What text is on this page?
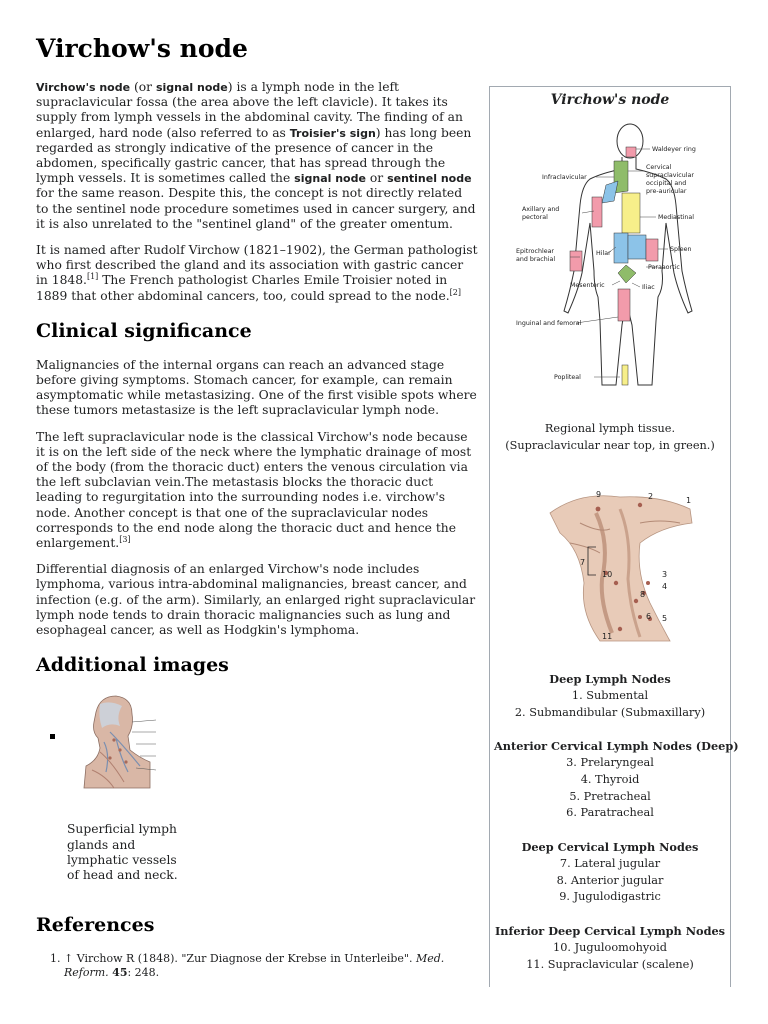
Virchow's node

Virchow's node (or signal node) is a lymph node in the left supraclavicular fossa (the area above the left clavicle). It takes its supply from lymph vessels in the abdominal cavity. The finding of an enlarged, hard node (also referred to as Troisier's sign) has long been regarded as strongly indicative of the presence of cancer in the abdomen, specifically gastric cancer, that has spread through the lymph vessels. It is sometimes called the signal node or sentinel node for the same reason. Despite this, the concept is not directly related to the sentinel node procedure sometimes used in cancer surgery, and it is also unrelated to the "sentinel gland" of the greater omentum.

It is named after Rudolf Virchow (1821–1902), the German pathologist who first described the gland and its association with gastric cancer in 1848.[1] The French pathologist Charles Emile Troisier noted in 1889 that other abdominal cancers, too, could spread to the node.[2]

Clinical significance

Malignancies of the internal organs can reach an advanced stage before giving symptoms. Stomach cancer, for example, can remain asymptomatic while metastasizing. One of the first visible spots where these tumors metastasize is the left supraclavicular lymph node.

The left supraclavicular node is the classical Virchow's node because it is on the left side of the neck where the lymphatic drainage of most of the body (from the thoracic duct) enters the venous circulation via the left subclavian vein.The metastasis blocks the thoracic duct leading to regurgitation into the surrounding nodes i.e. virchow's node. Another concept is that one of the supraclavicular nodes corresponds to the end node along the thoracic duct and hence the enlargement.[3]

Differential diagnosis of an enlarged Virchow's node includes lymphoma, various intra-abdominal malignancies, breast cancer, and infection (e.g. of the arm). Similarly, an enlarged right supraclavicular lymph node tends to drain thoracic malignancies such as lung and esophageal cancer, as well as Hodgkin's lymphoma.

Additional images
Superficial lymph glands and lymphatic vessels of head and neck.
References
1. ↑ Virchow R (1848). "Zur Diagnose der Krebse in Unterleibe". Med. Reform. 45: 248.
Virchow's node
Waldeyer ring
Cervical
supraclavicular
occipital and
pre-auricular
Infraclavicular
Axillary and
pectoral	Mediastinal
Epitrochlear
and brachial
Hilar
Spleen
Paraaortic
Mesenteric	Iliac
Inguinal and femoral
Popliteal
Regional lymph tissue. (Supraclavicular near top, in green.)
9	2	1
7
10	3
4
8
6 5
11
Deep Lymph Nodes
1. Submental
2. Submandibular (Submaxillary)
Anterior Cervical Lymph Nodes (Deep)
3. Prelaryngeal
4. Thyroid
5. Pretracheal
6. Paratracheal
Deep Cervical Lymph Nodes
7. Lateral jugular
8. Anterior jugular
9. Jugulodigastric
Inferior Deep Cervical Lymph Nodes
10. Juguloomohyoid
11. Supraclavicular (scalene)
